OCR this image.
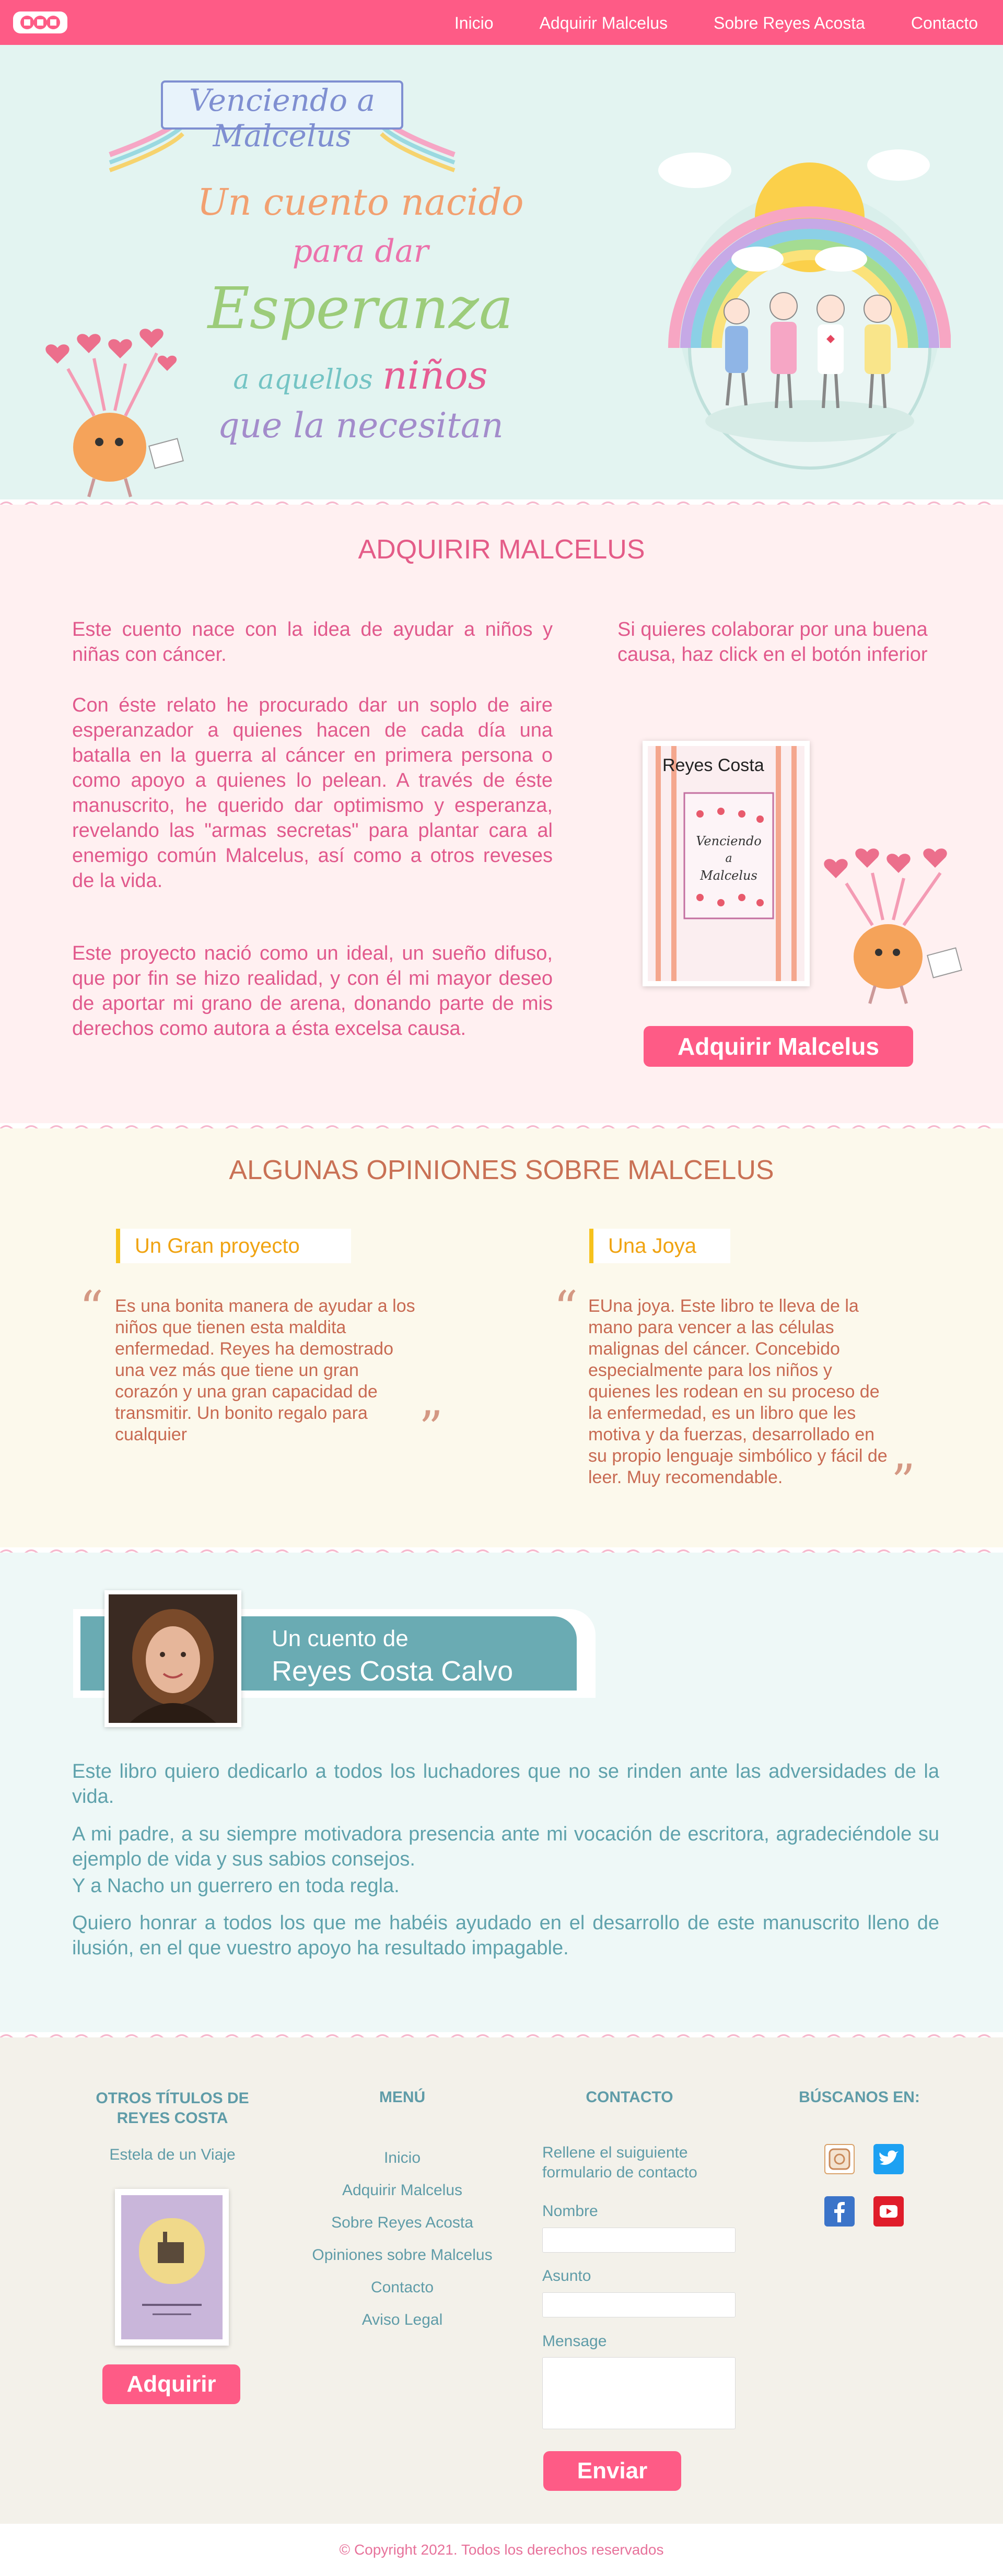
Inicio	Adquirir Malcelus	Sobre Reyes Acosta	Contacto
Venciendo a Malcelus
Un cuento nacido
para dar
Esperanza
a aquellos niños
que la necesitan
ADQUIRIR MALCELUS

Este cuento nace con la idea de ayudar a niños y niñas con cáncer.

Con éste relato he procurado dar un soplo de aire esperanzador a quienes hacen de cada día una batalla en la guerra al cáncer en primera persona o como apoyo a quienes lo pelean. A través de éste manuscrito, he querido dar optimismo y esperanza, revelando las "armas secretas" para plantar cara al enemigo común Malcelus, así como a otros reveses de la vida.

Este proyecto nació como un ideal, un sueño difuso, que por fin se hizo realidad, y con él mi mayor deseo de aportar mi grano de arena, donando parte de mis derechos como autora a ésta excelsa causa.

Si quieres colaborar por una buena causa, haz click en el botón inferior

Venciendo
a
Malcelus
Reyes Costa
Adquirir Malcelus
ALGUNAS OPINIONES SOBRE MALCELUS
Un Gran proyecto
“ Es una bonita manera de ayudar a los niños que tienen esta maldita enfermedad. Reyes ha demostrado una vez más que tiene un gran corazón y una gran capacidad de transmitir. Un bonito regalo para cualquier	”
Una Joya
“ EUna joya. Este libro te lleva de la mano para vencer a las células malignas del cáncer. Concebido especialmente para los niños y quienes les rodean en su proceso de la enfermedad, es un libro que les motiva y da fuerzas, desarrollado en su propio lenguaje simbólico y fácil de leer. Muy recomendable.	”
Un cuento de
Reyes Costa Calvo

Este libro quiero dedicarlo a todos los luchadores que no se rinden ante las adversidades de la vida.

A mi padre, a su siempre motivadora presencia ante mi vocación de escritora, agradeciéndole su ejemplo de vida y sus sabios consejos.

Y a Nacho un guerrero en toda regla.

Quiero honrar a todos los que me habéis ayudado en el desarrollo de este manuscrito lleno de ilusión, en el que vuestro apoyo ha resultado impagable.

OTROS TÍTULOS DE REYES COSTA
Estela de un Viaje
Adquirir
MENÚ
Inicio
Adquirir Malcelus
Sobre Reyes Acosta
Opiniones sobre Malcelus
Contacto
Aviso Legal
CONTACTO

Rellene el suiguiente formulario de contacto

Nombre
Asunto
Mensage
Enviar
BÚSCANOS EN:
© Copyright 2021. Todos los derechos reservados
